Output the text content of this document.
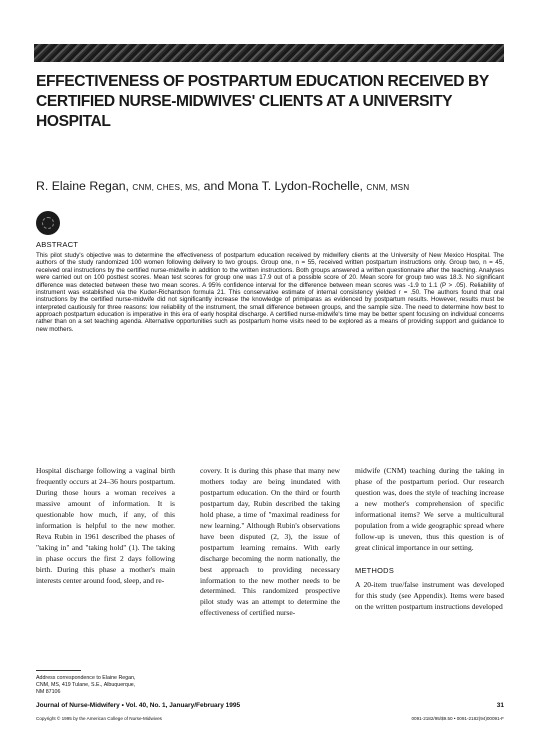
EFFECTIVENESS OF POSTPARTUM EDUCATION RECEIVED BY CERTIFIED NURSE-MIDWIVES' CLIENTS AT A UNIVERSITY HOSPITAL

R. Elaine Regan, CNM, CHES, MS, and Mona T. Lydon-Rochelle, CNM, MSN

ABSTRACT

This pilot study's objective was to determine the effectiveness of postpartum education received by midwifery clients at the University of New Mexico Hospital. The authors of the study randomized 100 women following delivery to two groups. Group one, n = 55, received written postpartum instructions only. Group two, n = 45, received oral instructions by the certified nurse-midwife in addition to the written instructions. Both groups answered a written questionnaire after the teaching. Analyses were carried out on 100 posttest scores. Mean test scores for group one was 17.9 out of a possible score of 20. Mean score for group two was 18.3. No significant difference was detected between these two mean scores. A 95% confidence interval for the difference between mean scores was -1.9 to 1.1 (P > .05). Reliability of instrument was established via the Kuder-Richardson formula 21. This conservative estimate of internal consistency yielded r = .50. The authors found that oral instructions by the certified nurse-midwife did not significantly increase the knowledge of primiparas as evidenced by postpartum results. However, results must be interpreted cautiously for three reasons: low reliability of the instrument, the small difference between groups, and the sample size. The need to determine how best to approach postpartum education is imperative in this era of early hospital discharge. A certified nurse-midwife's time may be better spent focusing on individual concerns rather than on a set teaching agenda. Alternative opportunities such as postpartum home visits need to be explored as a means of providing support and guidance to new mothers.

Hospital discharge following a vaginal birth frequently occurs at 24–36 hours postpartum. During those hours a woman receives a massive amount of information. It is questionable how much, if any, of this information is helpful to the new mother. Reva Rubin in 1961 described the phases of "taking in" and "taking hold" (1). The taking in phase occurs the first 2 days following birth. During this phase a mother's main interests center around food, sleep, and re-

covery. It is during this phase that many new mothers today are being inundated with postpartum education. On the third or fourth postpartum day, Rubin described the taking hold phase, a time of "maximal readiness for new learning." Although Rubin's observations have been disputed (2, 3), the issue of postpartum learning remains. With early discharge becoming the norm nationally, the best approach to providing necessary information to the new mother needs to be determined. This randomized prospective pilot study was an attempt to determine the effectiveness of certified nurse-

midwife (CNM) teaching during the taking in phase of the postpartum period. Our research question was, does the style of teaching increase a new mother's comprehension of specific informational items? We serve a multicultural population from a wide geographic spread where follow-up is uneven, thus this question is of great clinical importance in our setting.

METHODS

A 20-item true/false instrument was developed for this study (see Appendix). Items were based on the written postpartum instructions developed

Address correspondence to Elaine Regan, CNM, MS, 419 Tulane, S.E., Albuquerque, NM 87106

Journal of Nurse-Midwifery • Vol. 40, No. 1, January/February 1995	31

Copyright © 1995 by the American College of Nurse-Midwives	0091-2182/95/$9.50 • 0091-2182(94)00091-F
